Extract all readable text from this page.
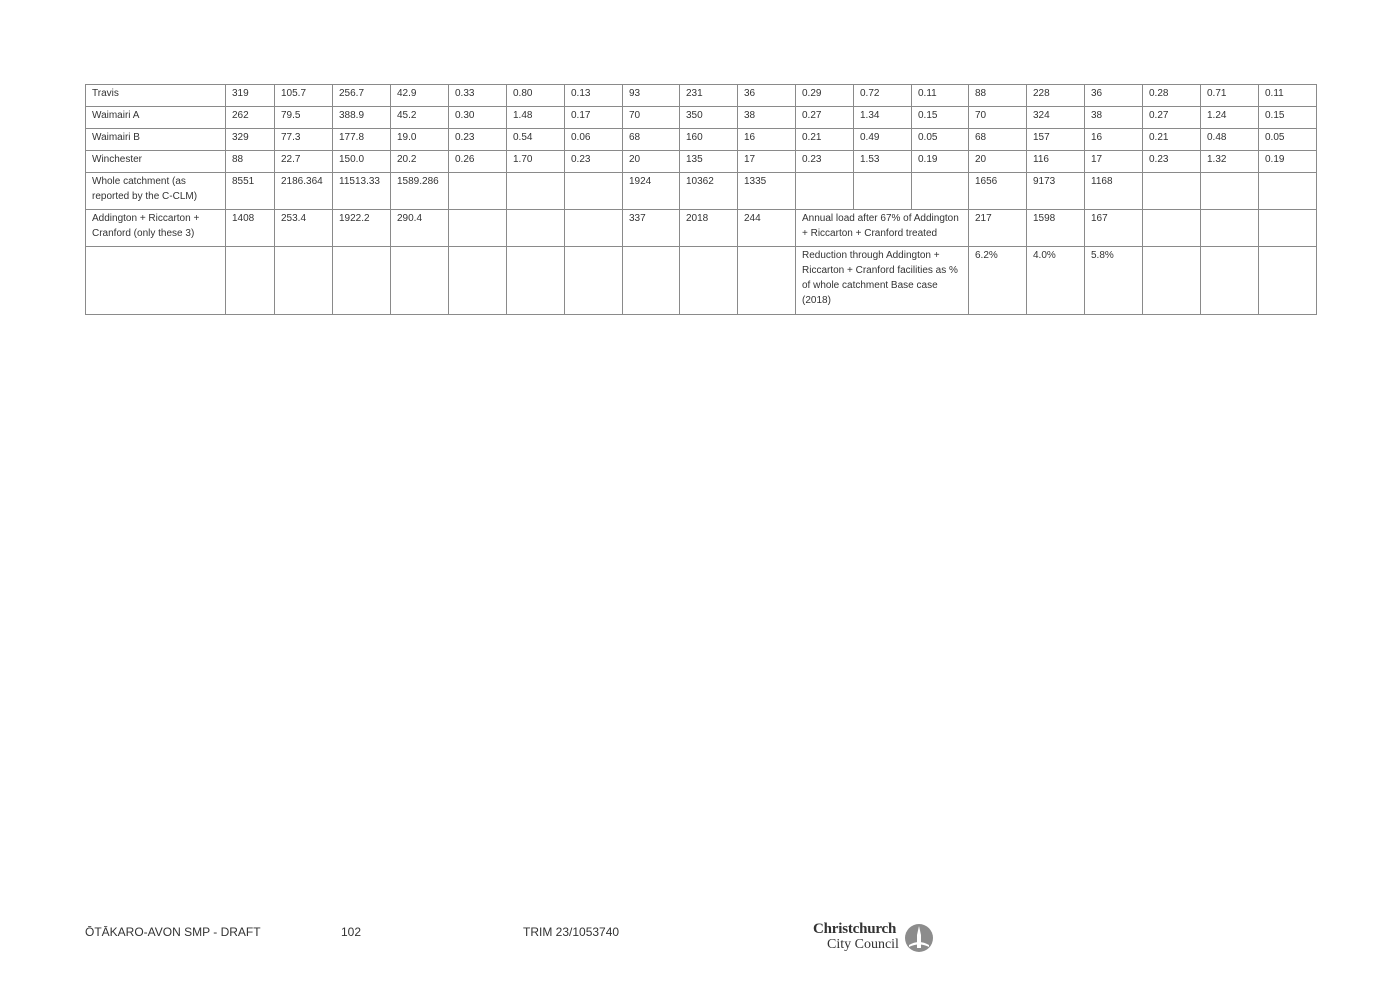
Travis	319	105.7	256.7	42.9	0.33	0.80	0.13	93	231	36	0.29	0.72	0.11	88	228	36	0.28	0.71	0.11
Waimairi A	262	79.5	388.9	45.2	0.30	1.48	0.17	70	350	38	0.27	1.34	0.15	70	324	38	0.27	1.24	0.15
Waimairi B	329	77.3	177.8	19.0	0.23	0.54	0.06	68	160	16	0.21	0.49	0.05	68	157	16	0.21	0.48	0.05
Winchester	88	22.7	150.0	20.2	0.26	1.70	0.23	20	135	17	0.23	1.53	0.19	20	116	17	0.23	1.32	0.19
Whole catchment (as reported by the C-CLM)	8551	2186.364	11513.33	1589.286				1924	10362	1335				1656	9173	1168			
Addington + Riccarton + Cranford (only these 3)	1408	253.4	1922.2	290.4				337	2018	244	Annual load after 67% of Addington + Riccarton + Cranford treated			217	1598	167			
											Reduction through Addington + Riccarton + Cranford facilities as % of whole catchment Base case (2018)			6.2%	4.0%	5.8%			
ŌTĀKARO-AVON SMP - DRAFT	102	TRIM 23/1053740	Christchurch
City Council
